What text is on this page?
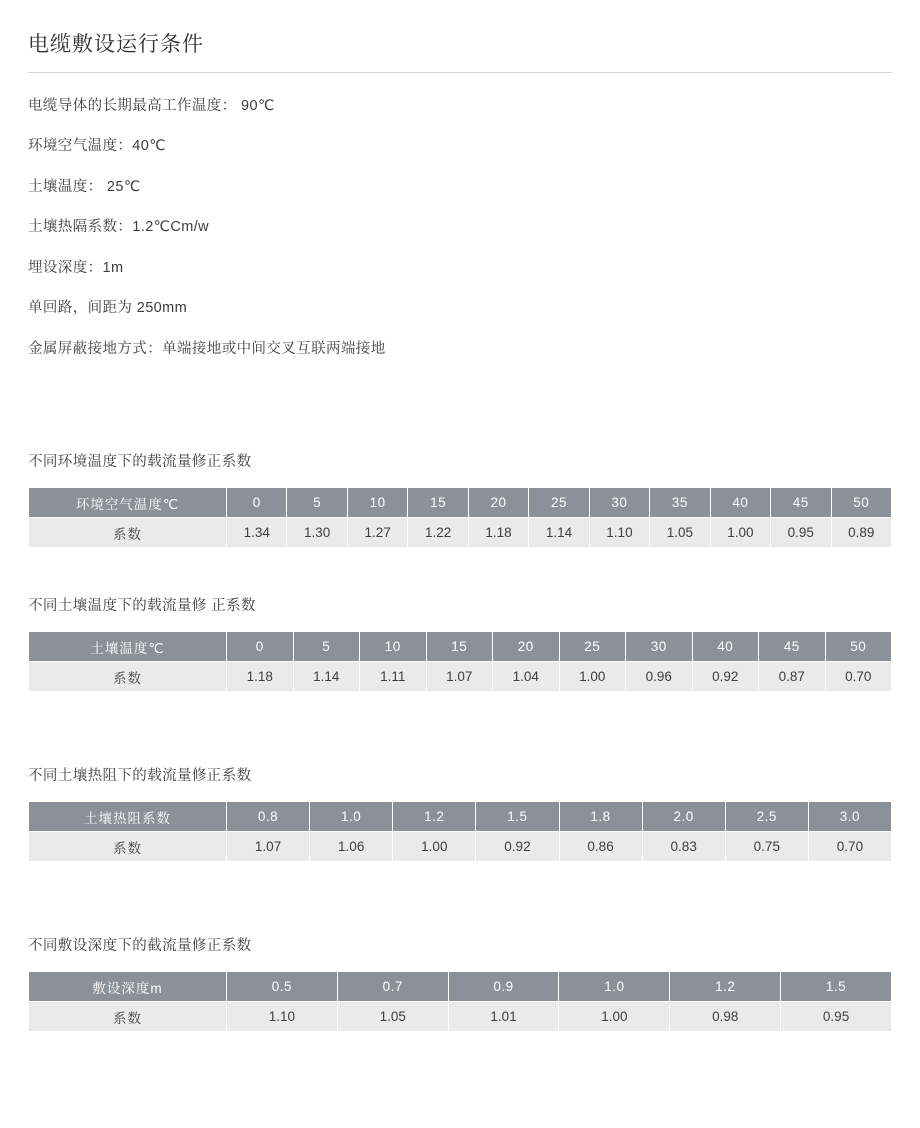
电缆敷设运行条件
电缆导体的长期最高工作温度： 90℃
环境空气温度：40℃
土壤温度： 25℃
土壤热隔系数：1.2℃Cm/w
埋设深度：1m
单回路，间距为 250mm
金属屏蔽接地方式：单端接地或中间交叉互联两端接地
不同环境温度下的载流量修正系数
环境空气温度℃	0	5	10	15	20	25	30	35	40	45	50
系数	1.34	1.30	1.27	1.22	1.18	1.14	1.10	1.05	1.00	0.95	0.89
不同土壤温度下的载流量修 正系数
土壤温度℃	0	5	10	15	20	25	30	40	45	50
系数	1.18	1.14	1.11	1.07	1.04	1.00	0.96	0.92	0.87	0.70
不同土壤热阻下的载流量修正系数
土壤热阻系数	0.8	1.0	1.2	1.5	1.8	2.0	2.5	3.0
系数	1.07	1.06	1.00	0.92	0.86	0.83	0.75	0.70
不同敷设深度下的截流量修正系数
敷设深度m	0.5	0.7	0.9	1.0	1.2	1.5
系数	1.10	1.05	1.01	1.00	0.98	0.95
